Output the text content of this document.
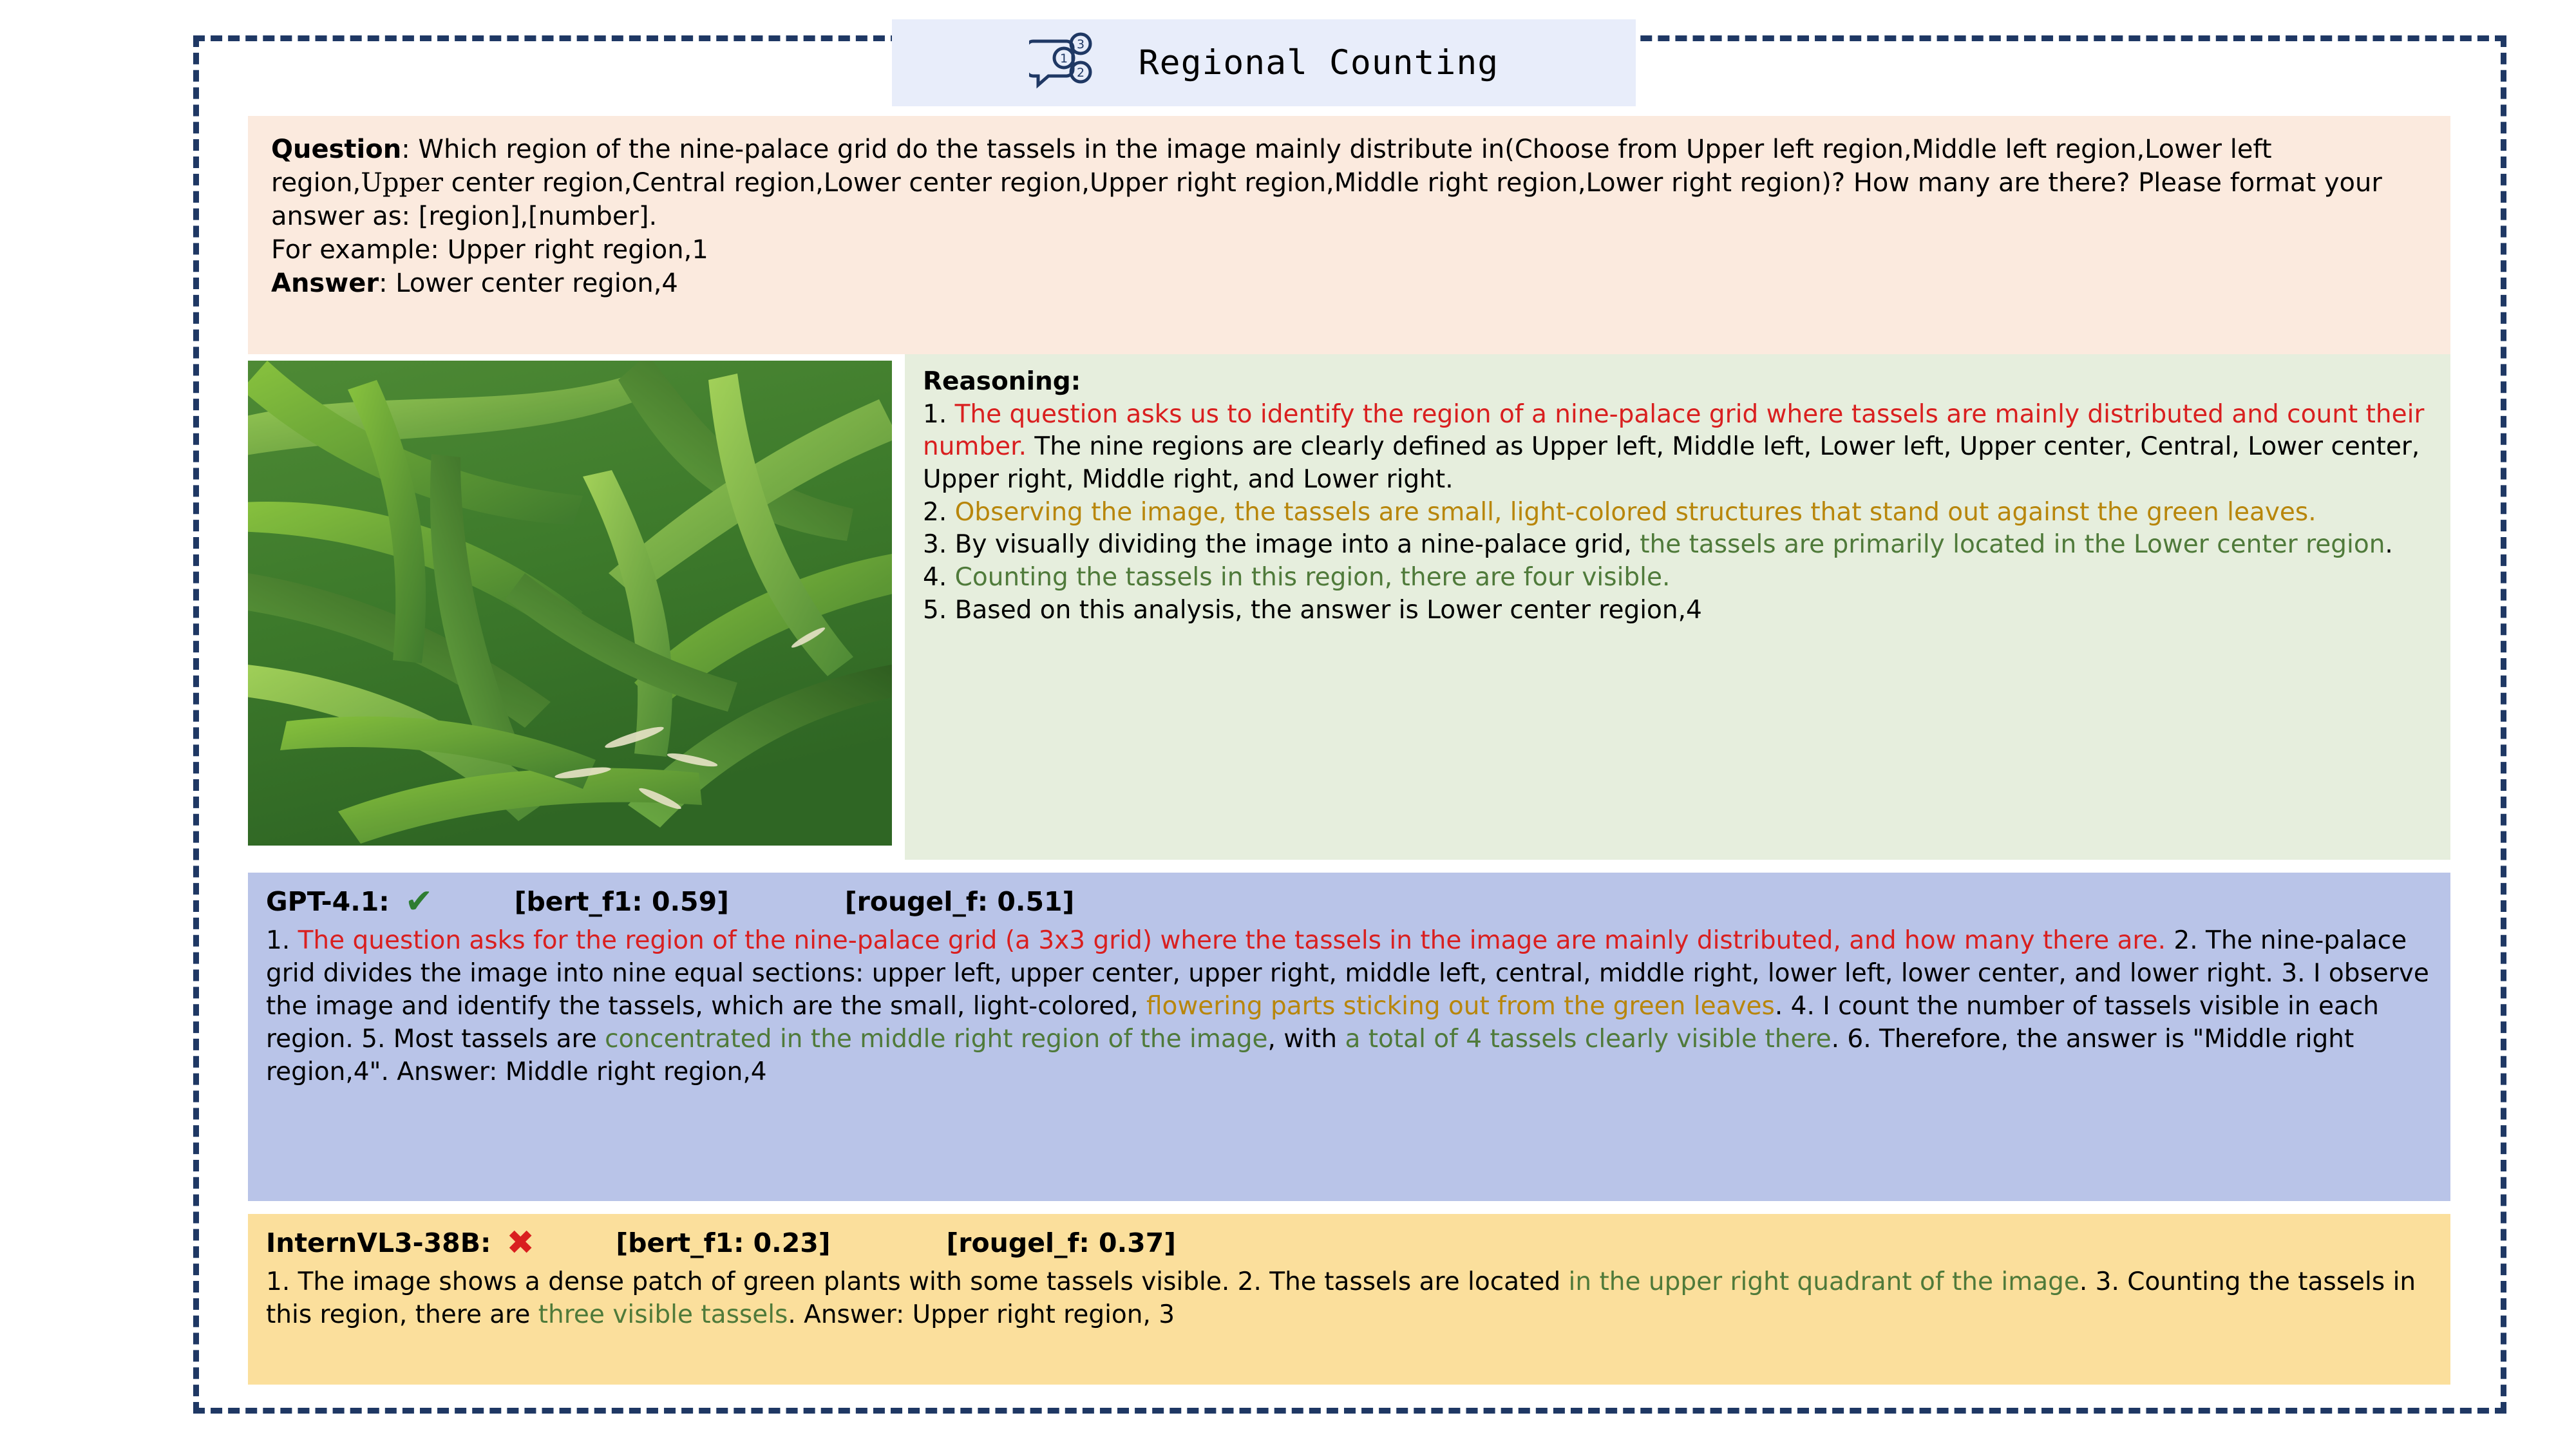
3
1
2 Regional Counting
Question: Which region of the nine-palace grid do the tassels in the image mainly distribute in(Choose from Upper left region,Middle left region,Lower left region,Upper center region,Central region,Lower center region,Upper right region,Middle right region,Lower right region)? How many are there? Please format your answer as: [region],[number].
For example: Upper right region,1
Answer: Lower center region,4
Reasoning:
1. The question asks us to identify the region of a nine-palace grid where tassels are mainly distributed and count their number. The nine regions are clearly defined as Upper left, Middle left, Lower left, Upper center, Central, Lower center, Upper right, Middle right, and Lower right.
2. Observing the image, the tassels are small, light-colored structures that stand out against the green leaves.
3. By visually dividing the image into a nine-palace grid, the tassels are primarily located in the Lower center region.
4. Counting the tassels in this region, there are four visible.
5. Based on this analysis, the answer is Lower center region,4
GPT-4.1: ✔	[bert_f1: 0.59]	[rougel_f: 0.51]
1. The question asks for the region of the nine-palace grid (a 3x3 grid) where the tassels in the image are mainly distributed, and how many there are. 2. The nine-palace grid divides the image into nine equal sections: upper left, upper center, upper right, middle left, central, middle right, lower left, lower center, and lower right. 3. I observe the image and identify the tassels, which are the small, light-colored, flowering parts sticking out from the green leaves. 4. I count the number of tassels visible in each region. 5. Most tassels are concentrated in the middle right region of the image, with a total of 4 tassels clearly visible there. 6. Therefore, the answer is "Middle right region,4". Answer: Middle right region,4
InternVL3-38B: ✖	[bert_f1: 0.23]	[rougel_f: 0.37]
1. The image shows a dense patch of green plants with some tassels visible. 2. The tassels are located in the upper right quadrant of the image. 3. Counting the tassels in this region, there are three visible tassels. Answer: Upper right region, 3
